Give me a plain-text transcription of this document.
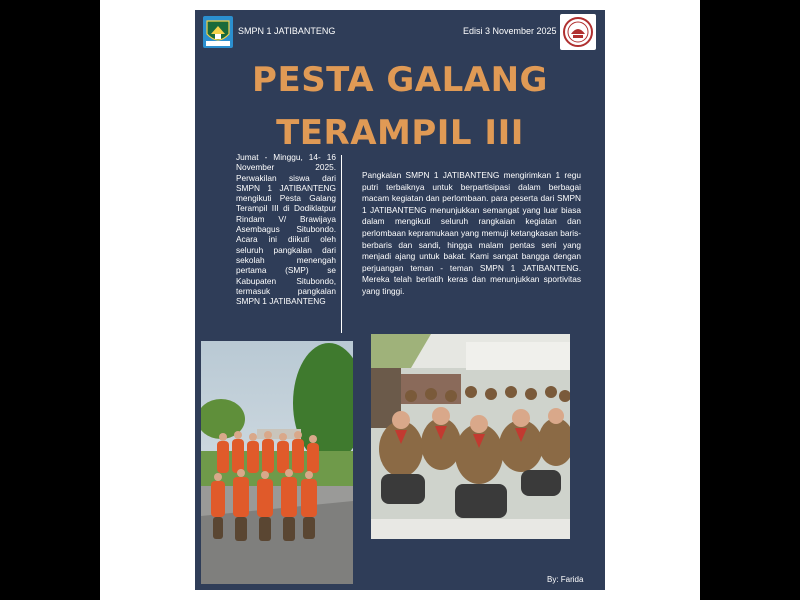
SMPN 1 JATIBANTENG	Edisi 3 November 2025
PESTA GALANG
TERAMPIL III

Jumat - Minggu, 14- 16 November 2025. Perwakilan siswa dari SMPN 1 JATIBANTENG mengikuti Pesta Galang Terampil III di Dodiklatpur Rindam V/ Brawijaya Asembagus Situbondo. Acara ini diikuti oleh seluruh pangkalan dari sekolah menengah pertama (SMP) se Kabupaten Situbondo, termasuk pangkalan SMPN 1 JATIBANTENG

Pangkalan SMPN 1 JATIBANTENG mengirimkan 1 regu putri terbaiknya untuk berpartisipasi dalam berbagai macam kegiatan dan perlombaan. para peserta dari SMPN 1 JATIBANTENG menunjukkan semangat yang luar biasa dalam mengikuti seluruh rangkaian kegiatan dan perlombaan kepramukaan yang memuji ketangkasan baris-berbaris dan sandi, hingga malam pentas seni yang menjadi ajang untuk bakat. Kami sangat bangga dengan perjuangan teman - teman SMPN 1 JATIBANTENG. Mereka telah berlatih keras dan menunjukkan sportivitas yang tinggi.

By: Farida
